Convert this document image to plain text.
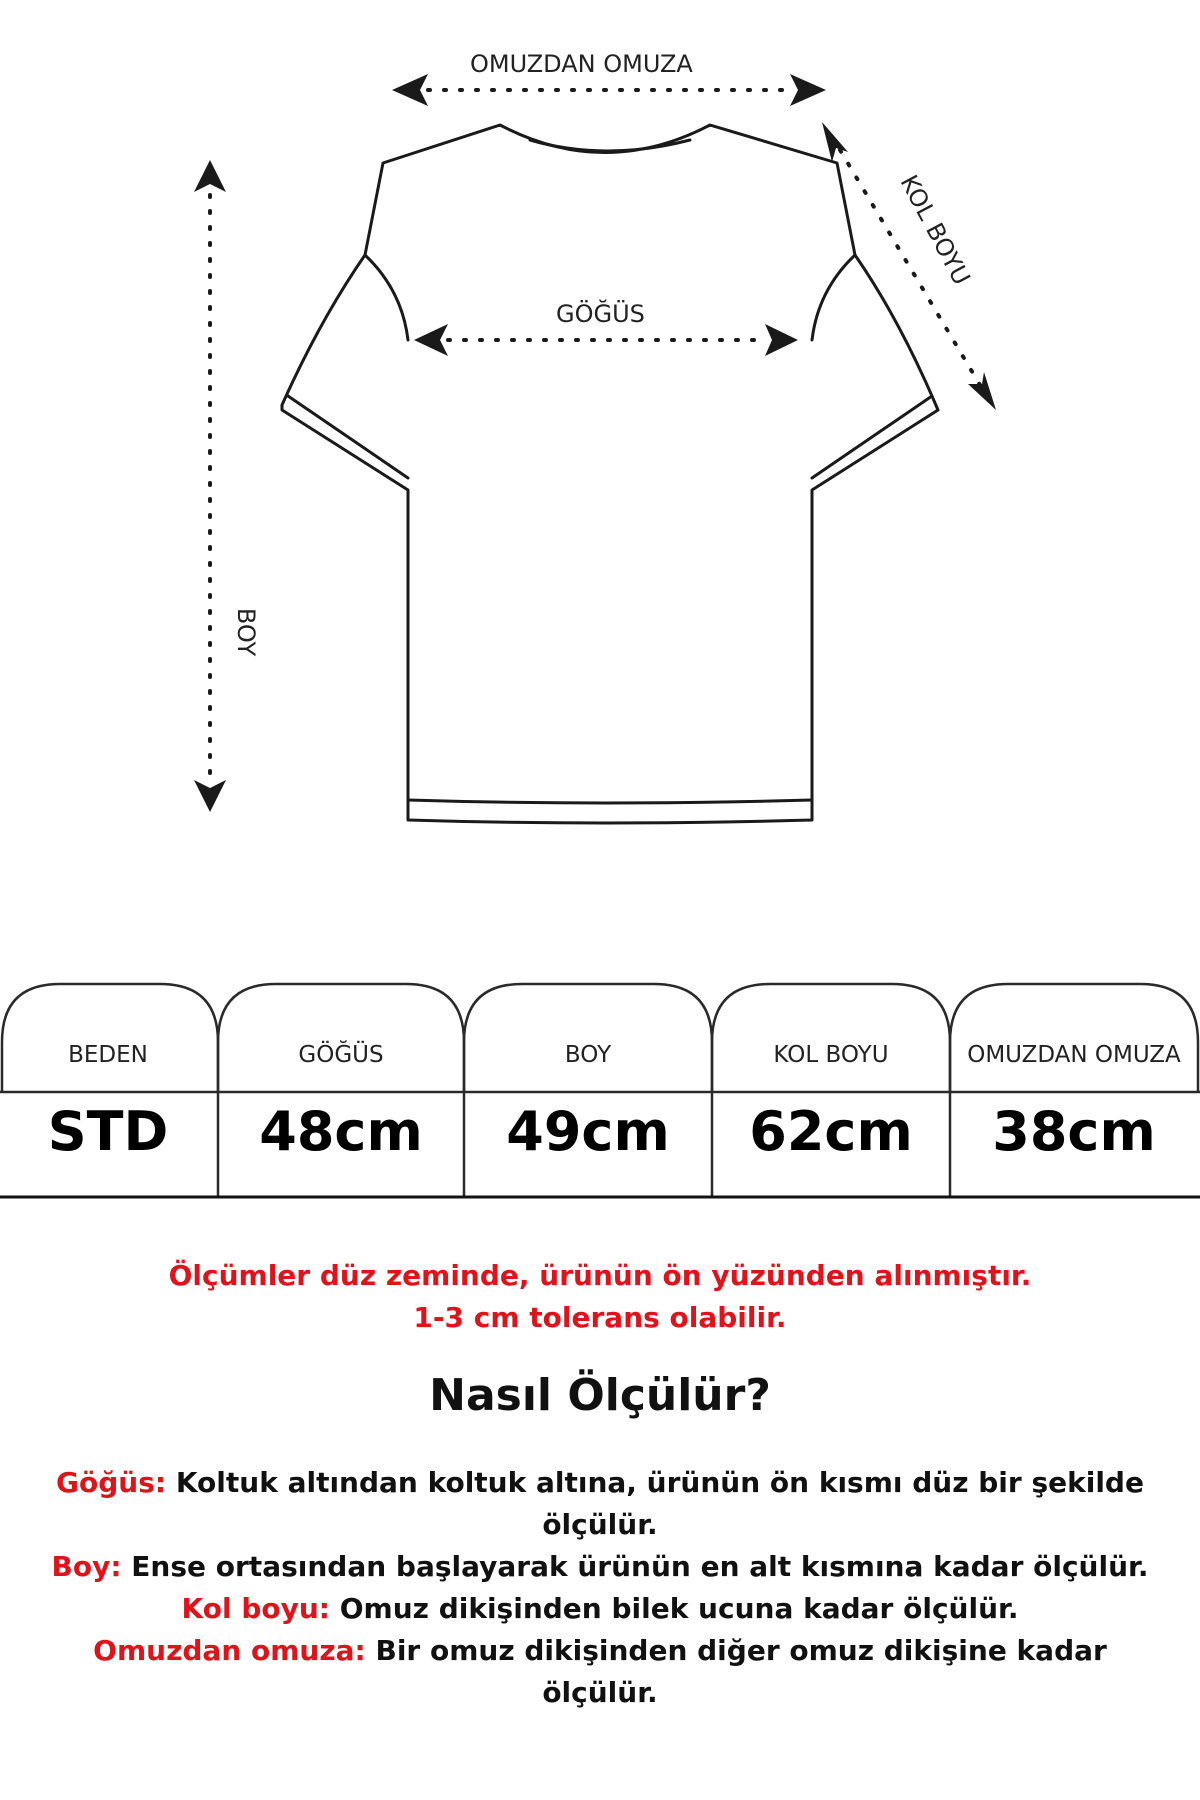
OMUZDAN OMUZA
KOL BOYU
GÖĞÜS
BOY
BEDEN	GÖĞÜS	BOY	KOL BOYU	OMUZDAN OMUZA
STD	48cm	49cm	62cm	38cm
Ölçümler düz zeminde, ürünün ön yüzünden alınmıştır.
1-3 cm tolerans olabilir.
Nasıl Ölçülür?

Göğüs: Koltuk altından koltuk altına, ürünün ön kısmı düz bir şekilde ölçülür.

Boy: Ense ortasından başlayarak ürünün en alt kısmına kadar ölçülür.

Kol boyu: Omuz dikişinden bilek ucuna kadar ölçülür.

Omuzdan omuza: Bir omuz dikişinden diğer omuz dikişine kadar ölçülür.
